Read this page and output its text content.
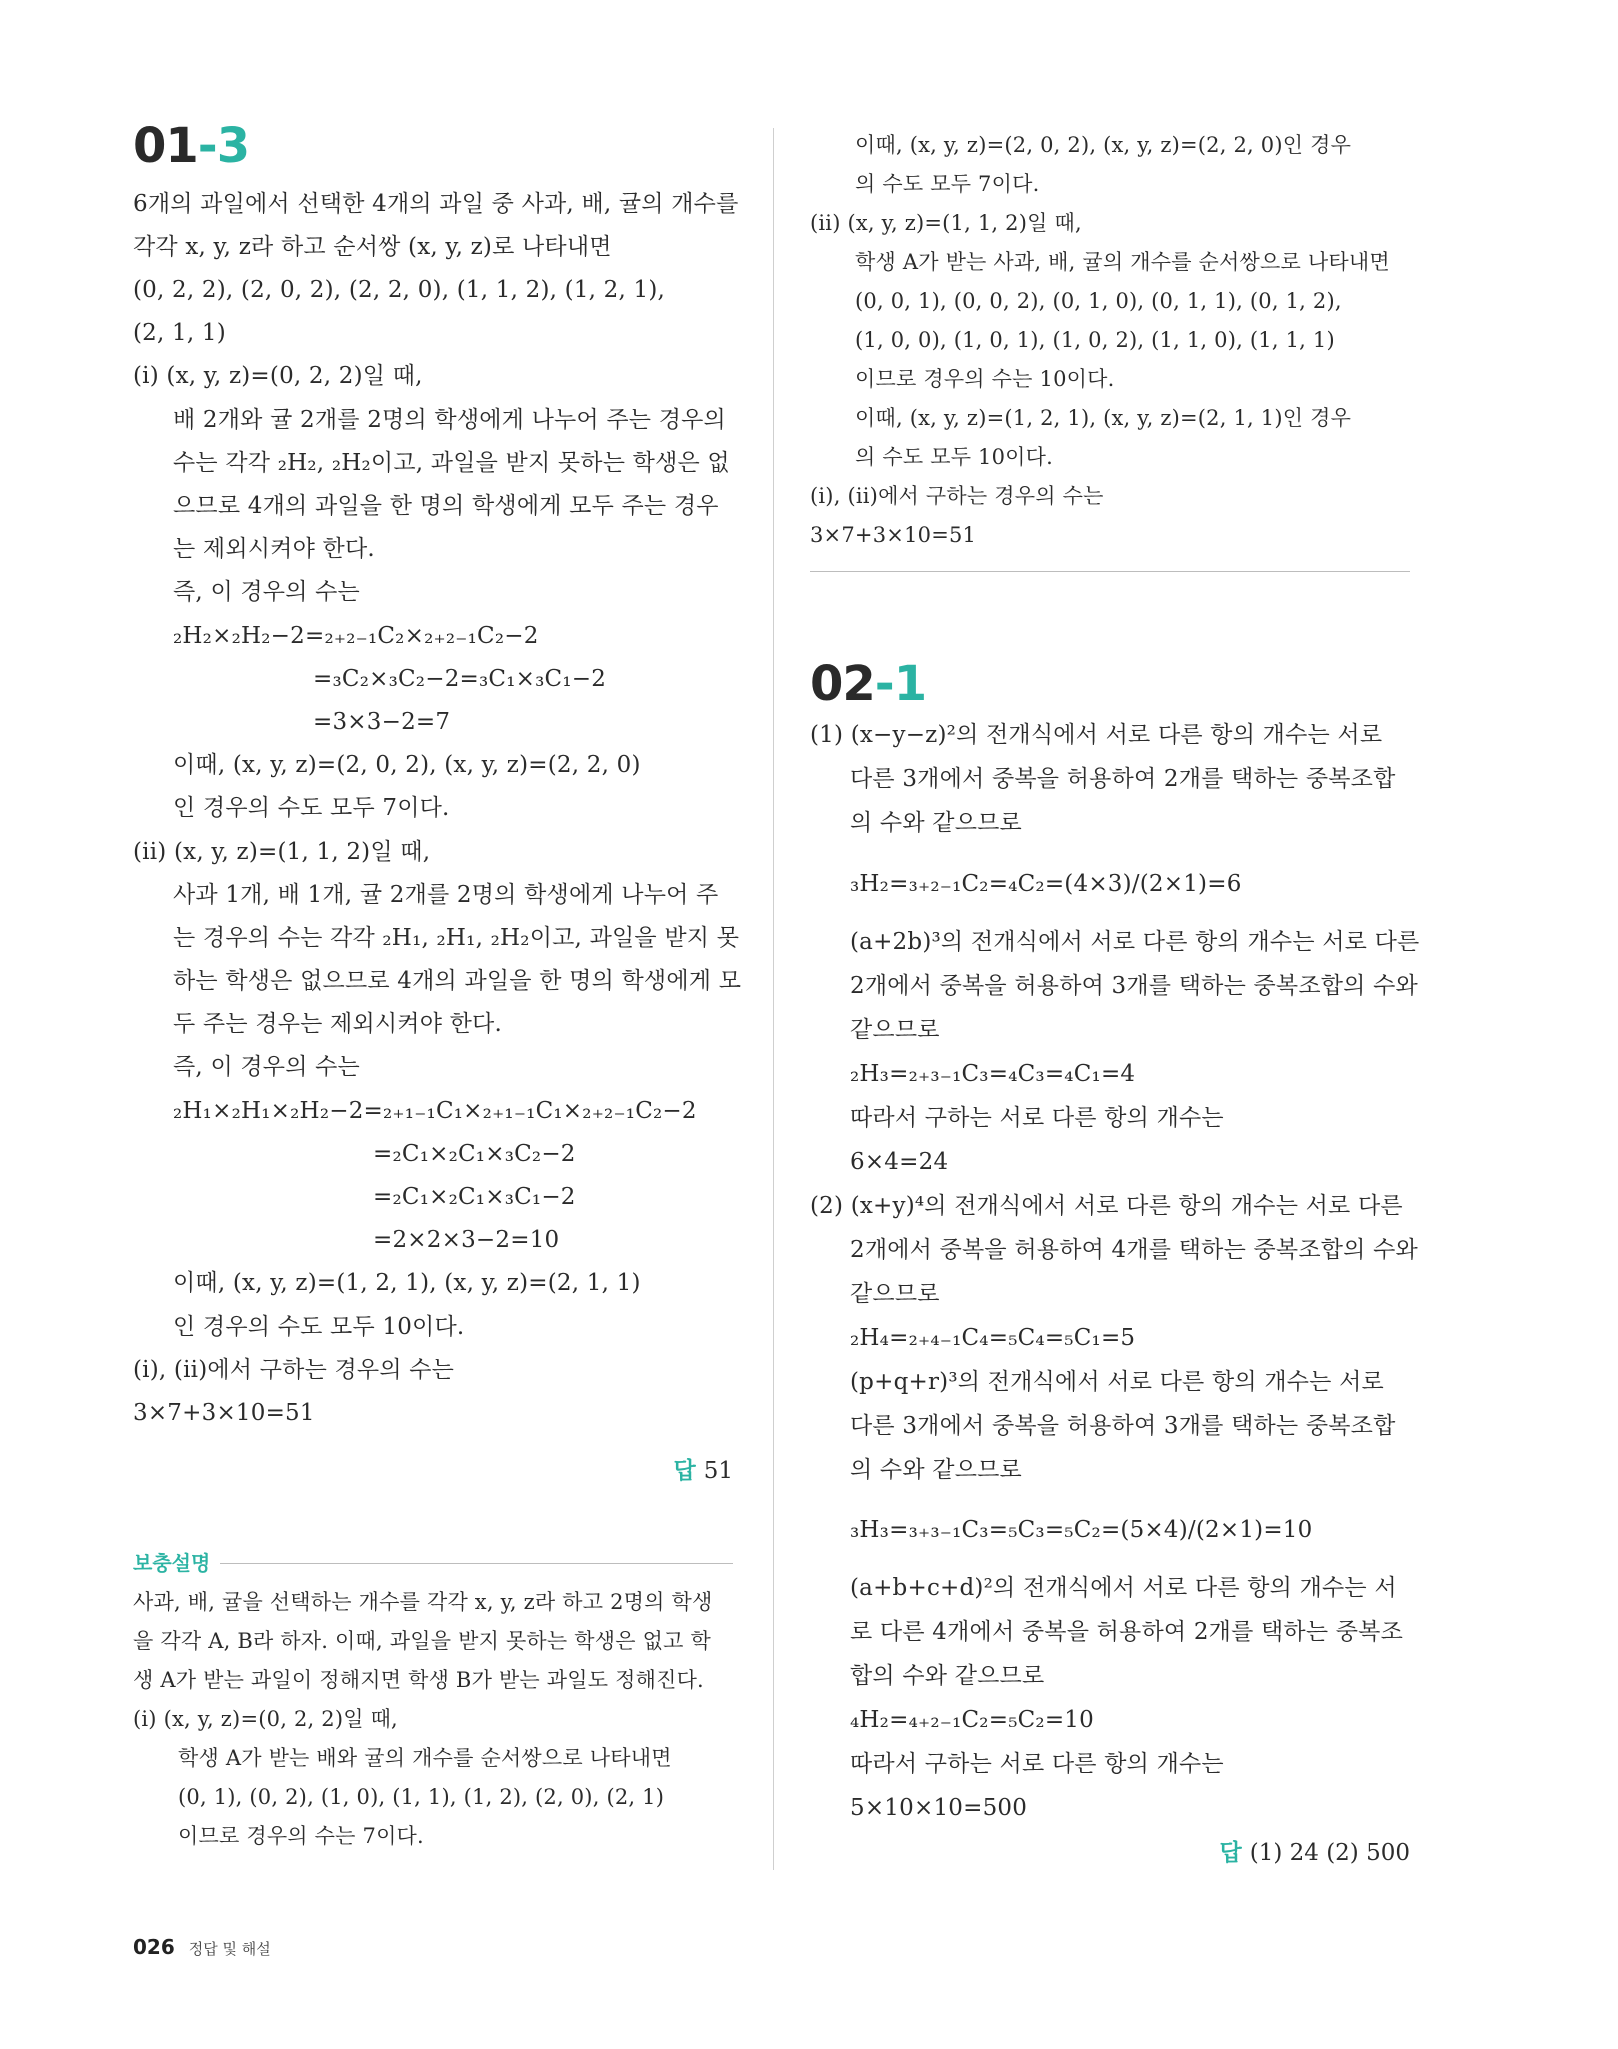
01-3
6개의 과일에서 선택한 4개의 과일 중 사과, 배, 귤의 개수를
각각 x, y, z라 하고 순서쌍 (x, y, z)로 나타내면
(0, 2, 2), (2, 0, 2), (2, 2, 0), (1, 1, 2), (1, 2, 1),
(2, 1, 1)
(i) (x, y, z)=(0, 2, 2)일 때,
배 2개와 귤 2개를 2명의 학생에게 나누어 주는 경우의
수는 각각 ₂H₂, ₂H₂이고, 과일을 받지 못하는 학생은 없
으므로 4개의 과일을 한 명의 학생에게 모두 주는 경우
는 제외시켜야 한다.
즉, 이 경우의 수는
₂H₂×₂H₂−2=₂₊₂₋₁C₂×₂₊₂₋₁C₂−2
=₃C₂×₃C₂−2=₃C₁×₃C₁−2
=3×3−2=7
이때, (x, y, z)=(2, 0, 2), (x, y, z)=(2, 2, 0)
인 경우의 수도 모두 7이다.
(ii) (x, y, z)=(1, 1, 2)일 때,
사과 1개, 배 1개, 귤 2개를 2명의 학생에게 나누어 주
는 경우의 수는 각각 ₂H₁, ₂H₁, ₂H₂이고, 과일을 받지 못
하는 학생은 없으므로 4개의 과일을 한 명의 학생에게 모
두 주는 경우는 제외시켜야 한다.
즉, 이 경우의 수는
₂H₁×₂H₁×₂H₂−2=₂₊₁₋₁C₁×₂₊₁₋₁C₁×₂₊₂₋₁C₂−2
=₂C₁×₂C₁×₃C₂−2
=₂C₁×₂C₁×₃C₁−2
=2×2×3−2=10
이때, (x, y, z)=(1, 2, 1), (x, y, z)=(2, 1, 1)
인 경우의 수도 모두 10이다.
(i), (ii)에서 구하는 경우의 수는
3×7+3×10=51
답 51
보충설명
사과, 배, 귤을 선택하는 개수를 각각 x, y, z라 하고 2명의 학생
을 각각 A, B라 하자. 이때, 과일을 받지 못하는 학생은 없고 학
생 A가 받는 과일이 정해지면 학생 B가 받는 과일도 정해진다.
(i) (x, y, z)=(0, 2, 2)일 때,
학생 A가 받는 배와 귤의 개수를 순서쌍으로 나타내면
(0, 1), (0, 2), (1, 0), (1, 1), (1, 2), (2, 0), (2, 1)
이므로 경우의 수는 7이다.
이때, (x, y, z)=(2, 0, 2), (x, y, z)=(2, 2, 0)인 경우
의 수도 모두 7이다.
(ii) (x, y, z)=(1, 1, 2)일 때,
학생 A가 받는 사과, 배, 귤의 개수를 순서쌍으로 나타내면
(0, 0, 1), (0, 0, 2), (0, 1, 0), (0, 1, 1), (0, 1, 2),
(1, 0, 0), (1, 0, 1), (1, 0, 2), (1, 1, 0), (1, 1, 1)
이므로 경우의 수는 10이다.
이때, (x, y, z)=(1, 2, 1), (x, y, z)=(2, 1, 1)인 경우
의 수도 모두 10이다.
(i), (ii)에서 구하는 경우의 수는
3×7+3×10=51
02-1
(1) (x−y−z)²의 전개식에서 서로 다른 항의 개수는 서로
다른 3개에서 중복을 허용하여 2개를 택하는 중복조합
의 수와 같으므로
₃H₂=₃₊₂₋₁C₂=₄C₂=(4×3)/(2×1)=6
(a+2b)³의 전개식에서 서로 다른 항의 개수는 서로 다른
2개에서 중복을 허용하여 3개를 택하는 중복조합의 수와
같으므로
₂H₃=₂₊₃₋₁C₃=₄C₃=₄C₁=4
따라서 구하는 서로 다른 항의 개수는
6×4=24
(2) (x+y)⁴의 전개식에서 서로 다른 항의 개수는 서로 다른
2개에서 중복을 허용하여 4개를 택하는 중복조합의 수와
같으므로
₂H₄=₂₊₄₋₁C₄=₅C₄=₅C₁=5
(p+q+r)³의 전개식에서 서로 다른 항의 개수는 서로
다른 3개에서 중복을 허용하여 3개를 택하는 중복조합
의 수와 같으므로
₃H₃=₃₊₃₋₁C₃=₅C₃=₅C₂=(5×4)/(2×1)=10
(a+b+c+d)²의 전개식에서 서로 다른 항의 개수는 서
로 다른 4개에서 중복을 허용하여 2개를 택하는 중복조
합의 수와 같으므로
₄H₂=₄₊₂₋₁C₂=₅C₂=10
따라서 구하는 서로 다른 항의 개수는
5×10×10=500
답 (1) 24 (2) 500
026 정답 및 해설
